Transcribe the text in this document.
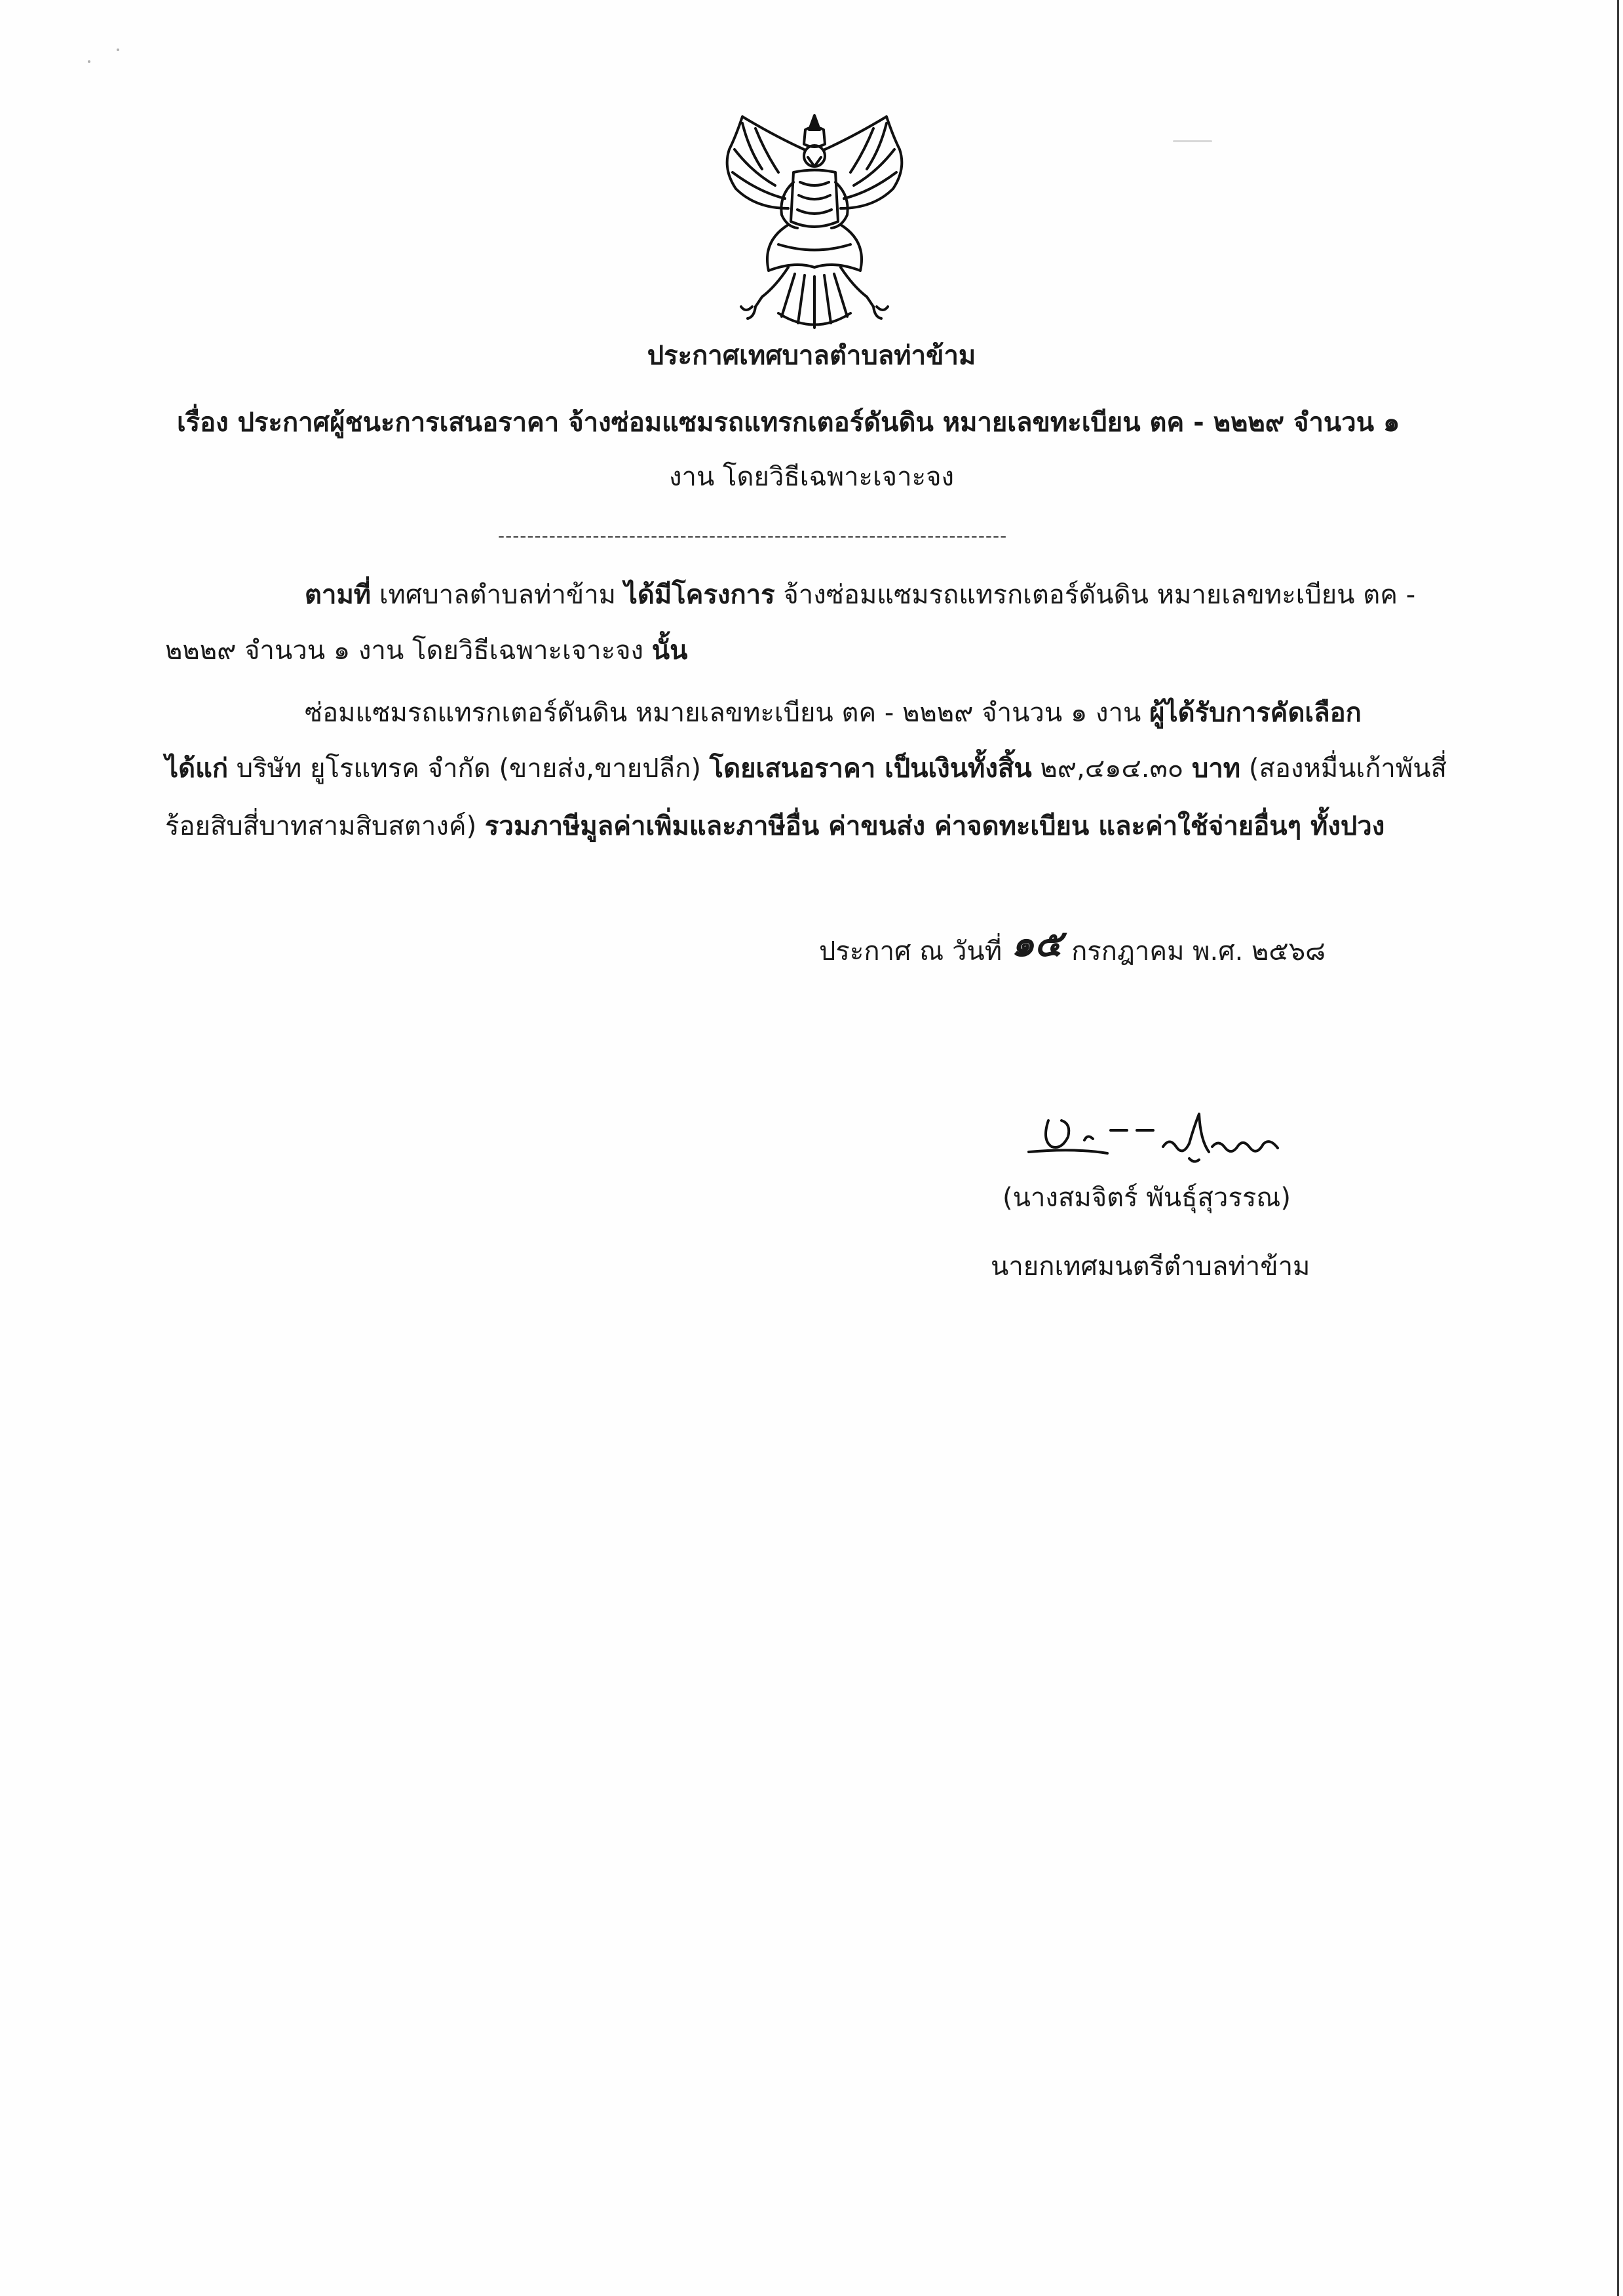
ประกาศเทศบาลตำบลท่าข้าม
เรื่อง ประกาศผู้ชนะการเสนอราคา จ้างซ่อมแซมรถแทรกเตอร์ดันดิน หมายเลขทะเบียน ตค - ๒๒๒๙ จำนวน ๑
งาน โดยวิธีเฉพาะเจาะจง
----------------------------------------------------------------------
ตามที่ เทศบาลตำบลท่าข้าม ได้มีโครงการ จ้างซ่อมแซมรถแทรกเตอร์ดันดิน หมายเลขทะเบียน ตค -
๒๒๒๙ จำนวน ๑ งาน โดยวิธีเฉพาะเจาะจง นั้น
ซ่อมแซมรถแทรกเตอร์ดันดิน หมายเลขทะเบียน ตค - ๒๒๒๙ จำนวน ๑ งาน ผู้ได้รับการคัดเลือก
ได้แก่ บริษัท ยูโรแทรค จำกัด (ขายส่ง,ขายปลีก) โดยเสนอราคา เป็นเงินทั้งสิ้น ๒๙,๔๑๔.๓๐ บาท (สองหมื่นเก้าพันสี่
ร้อยสิบสี่บาทสามสิบสตางค์) รวมภาษีมูลค่าเพิ่มและภาษีอื่น ค่าขนส่ง ค่าจดทะเบียน และค่าใช้จ่ายอื่นๆ ทั้งปวง
ประกาศ ณ วันที่ ๑๕ กรกฎาคม พ.ศ. ๒๕๖๘
(นางสมจิตร์ พันธุ์สุวรรณ)
นายกเทศมนตรีตำบลท่าข้าม
